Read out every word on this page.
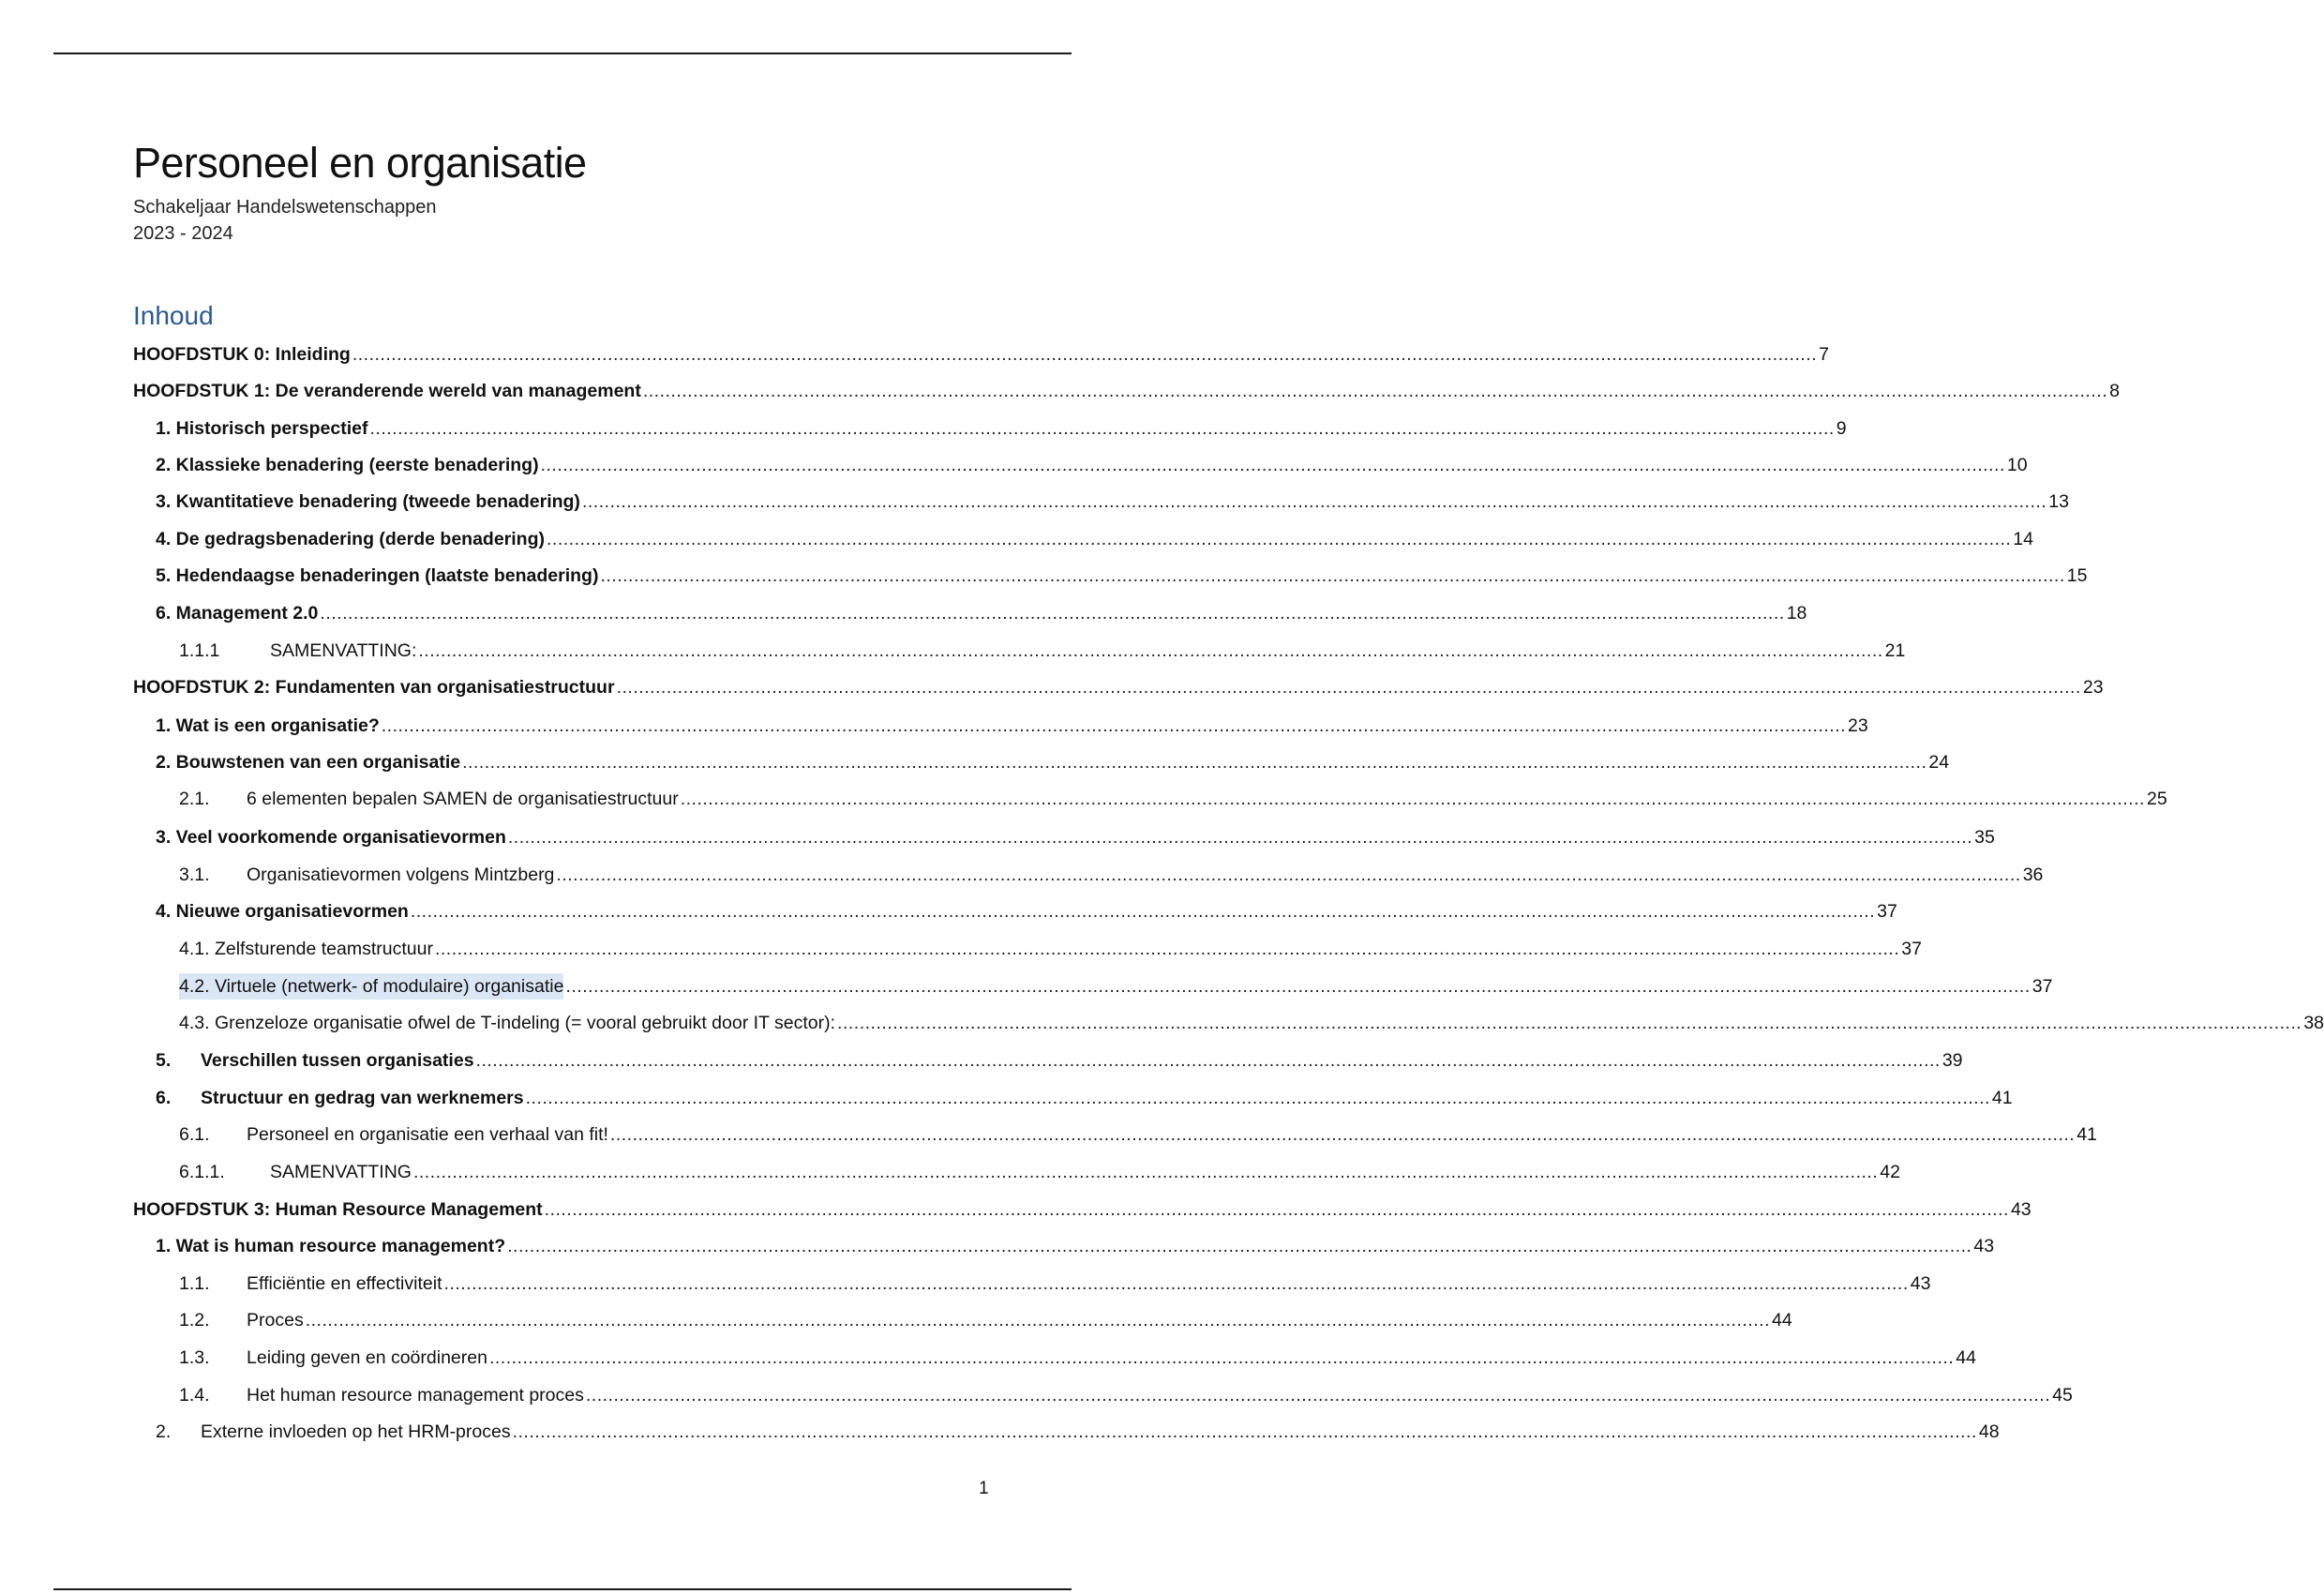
Personeel en organisatie
Schakeljaar Handelswetenschappen
2023 - 2024
Inhoud
HOOFDSTUK 0: Inleiding .....	7
HOOFDSTUK 1: De veranderende wereld van management .....	8
1. Historisch perspectief .....	9
2. Klassieke benadering (eerste benadering) .....	10
3. Kwantitatieve benadering (tweede benadering) .....	13
4. De gedragsbenadering (derde benadering) .....	14
5. Hedendaagse benaderingen (laatste benadering) .....	15
6. Management 2.0 .....	18
1.1.1	SAMENVATTING: .....	21
HOOFDSTUK 2: Fundamenten van organisatiestructuur .....	23
1. Wat is een organisatie? .....	23
2. Bouwstenen van een organisatie .....	24
2.1.	6 elementen bepalen SAMEN de organisatiestructuur .....	25
3. Veel voorkomende organisatievormen .....	35
3.1.	Organisatievormen volgens Mintzberg .....	36
4. Nieuwe organisatievormen .....	37
4.1. Zelfsturende teamstructuur .....	37
4.2. Virtuele (netwerk- of modulaire) organisatie .....	37
4.3. Grenzeloze organisatie ofwel de T-indeling (= vooral gebruikt door IT sector): .....	38
5.	Verschillen tussen organisaties .....	39
6.	Structuur en gedrag van werknemers .....	41
6.1.	Personeel en organisatie een verhaal van fit! .....	41
6.1.1.	SAMENVATTING .....	42
HOOFDSTUK 3: Human Resource Management .....	43
1. Wat is human resource management? .....	43
1.1.	Efficiëntie en effectiviteit .....	43
1.2.	Proces .....	44
1.3.	Leiding geven en coördineren .....	44
1.4.	Het human resource management proces .....	45
2.	Externe invloeden op het HRM-proces .....	48
1
